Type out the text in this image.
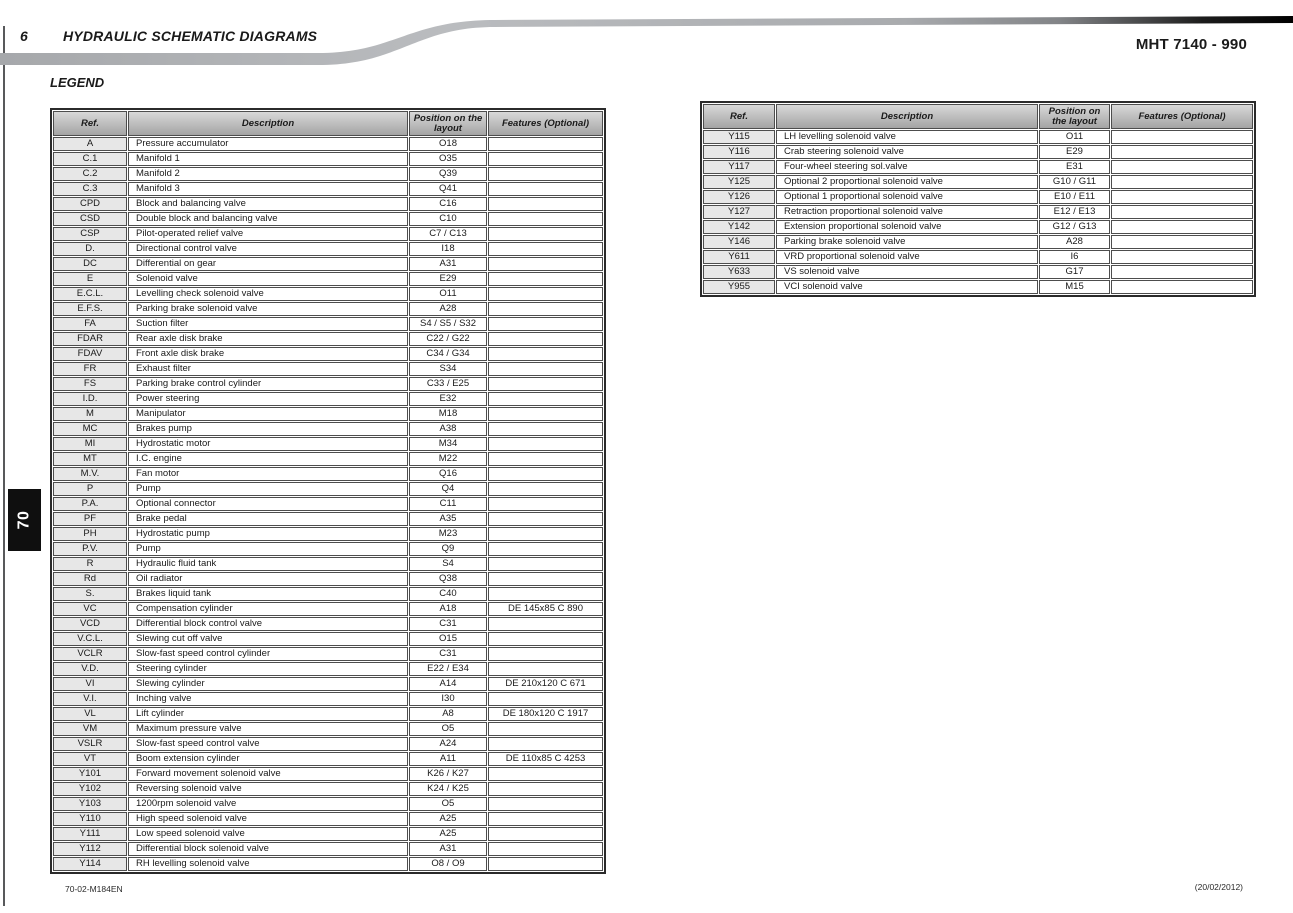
6	HYDRAULIC SCHEMATIC DIAGRAMS	MHT 7140 - 990
LEGEND
70
Ref.	Description	Position on the layout	Features (Optional)
A	Pressure accumulator	O18	
C.1	Manifold 1	O35	
C.2	Manifold 2	Q39	
C.3	Manifold 3	Q41	
CPD	Block and balancing valve	C16	
CSD	Double block and balancing valve	C10	
CSP	Pilot-operated relief valve	C7 / C13	
D.	Directional control valve	I18	
DC	Differential on gear	A31	
E	Solenoid valve	E29	
E.C.L.	Levelling check solenoid valve	O11	
E.F.S.	Parking brake solenoid valve	A28	
FA	Suction filter	S4 / S5 / S32	
FDAR	Rear axle disk brake	C22 / G22	
FDAV	Front axle disk brake	C34 / G34	
FR	Exhaust filter	S34	
FS	Parking brake control cylinder	C33 / E25	
I.D.	Power steering	E32	
M	Manipulator	M18	
MC	Brakes pump	A38	
MI	Hydrostatic motor	M34	
MT	I.C. engine	M22	
M.V.	Fan motor	Q16	
P	Pump	Q4	
P.A.	Optional connector	C11	
PF	Brake pedal	A35	
PH	Hydrostatic pump	M23	
P.V.	Pump	Q9	
R	Hydraulic fluid tank	S4	
Rd	Oil radiator	Q38	
S.	Brakes liquid tank	C40	
VC	Compensation cylinder	A18	DE 145x85 C 890
VCD	Differential block control valve	C31	
V.C.L.	Slewing cut off valve	O15	
VCLR	Slow-fast speed control cylinder	C31	
V.D.	Steering cylinder	E22 / E34	
VI	Slewing cylinder	A14	DE 210x120 C 671
V.I.	Inching valve	I30	
VL	Lift cylinder	A8	DE 180x120 C 1917
VM	Maximum pressure valve	O5	
VSLR	Slow-fast speed control valve	A24	
VT	Boom extension cylinder	A11	DE 110x85 C 4253
Y101	Forward movement solenoid valve	K26 / K27	
Y102	Reversing solenoid valve	K24 / K25	
Y103	1200rpm solenoid valve	O5	
Y110	High speed solenoid valve	A25	
Y111	Low speed solenoid valve	A25	
Y112	Differential block solenoid valve	A31	
Y114	RH levelling solenoid valve	O8 / O9	
Ref.	Description	Position on the layout	Features (Optional)
Y115	LH levelling solenoid valve	O11	
Y116	Crab steering solenoid valve	E29	
Y117	Four-wheel steering sol.valve	E31	
Y125	Optional 2 proportional solenoid valve	G10 / G11	
Y126	Optional 1 proportional solenoid valve	E10 / E11	
Y127	Retraction proportional solenoid valve	E12 / E13	
Y142	Extension proportional solenoid valve	G12 / G13	
Y146	Parking brake solenoid valve	A28	
Y611	VRD proportional solenoid valve	I6	
Y633	VS solenoid valve	G17	
Y955	VCI solenoid valve	M15	
70-02-M184EN	(20/02/2012)
